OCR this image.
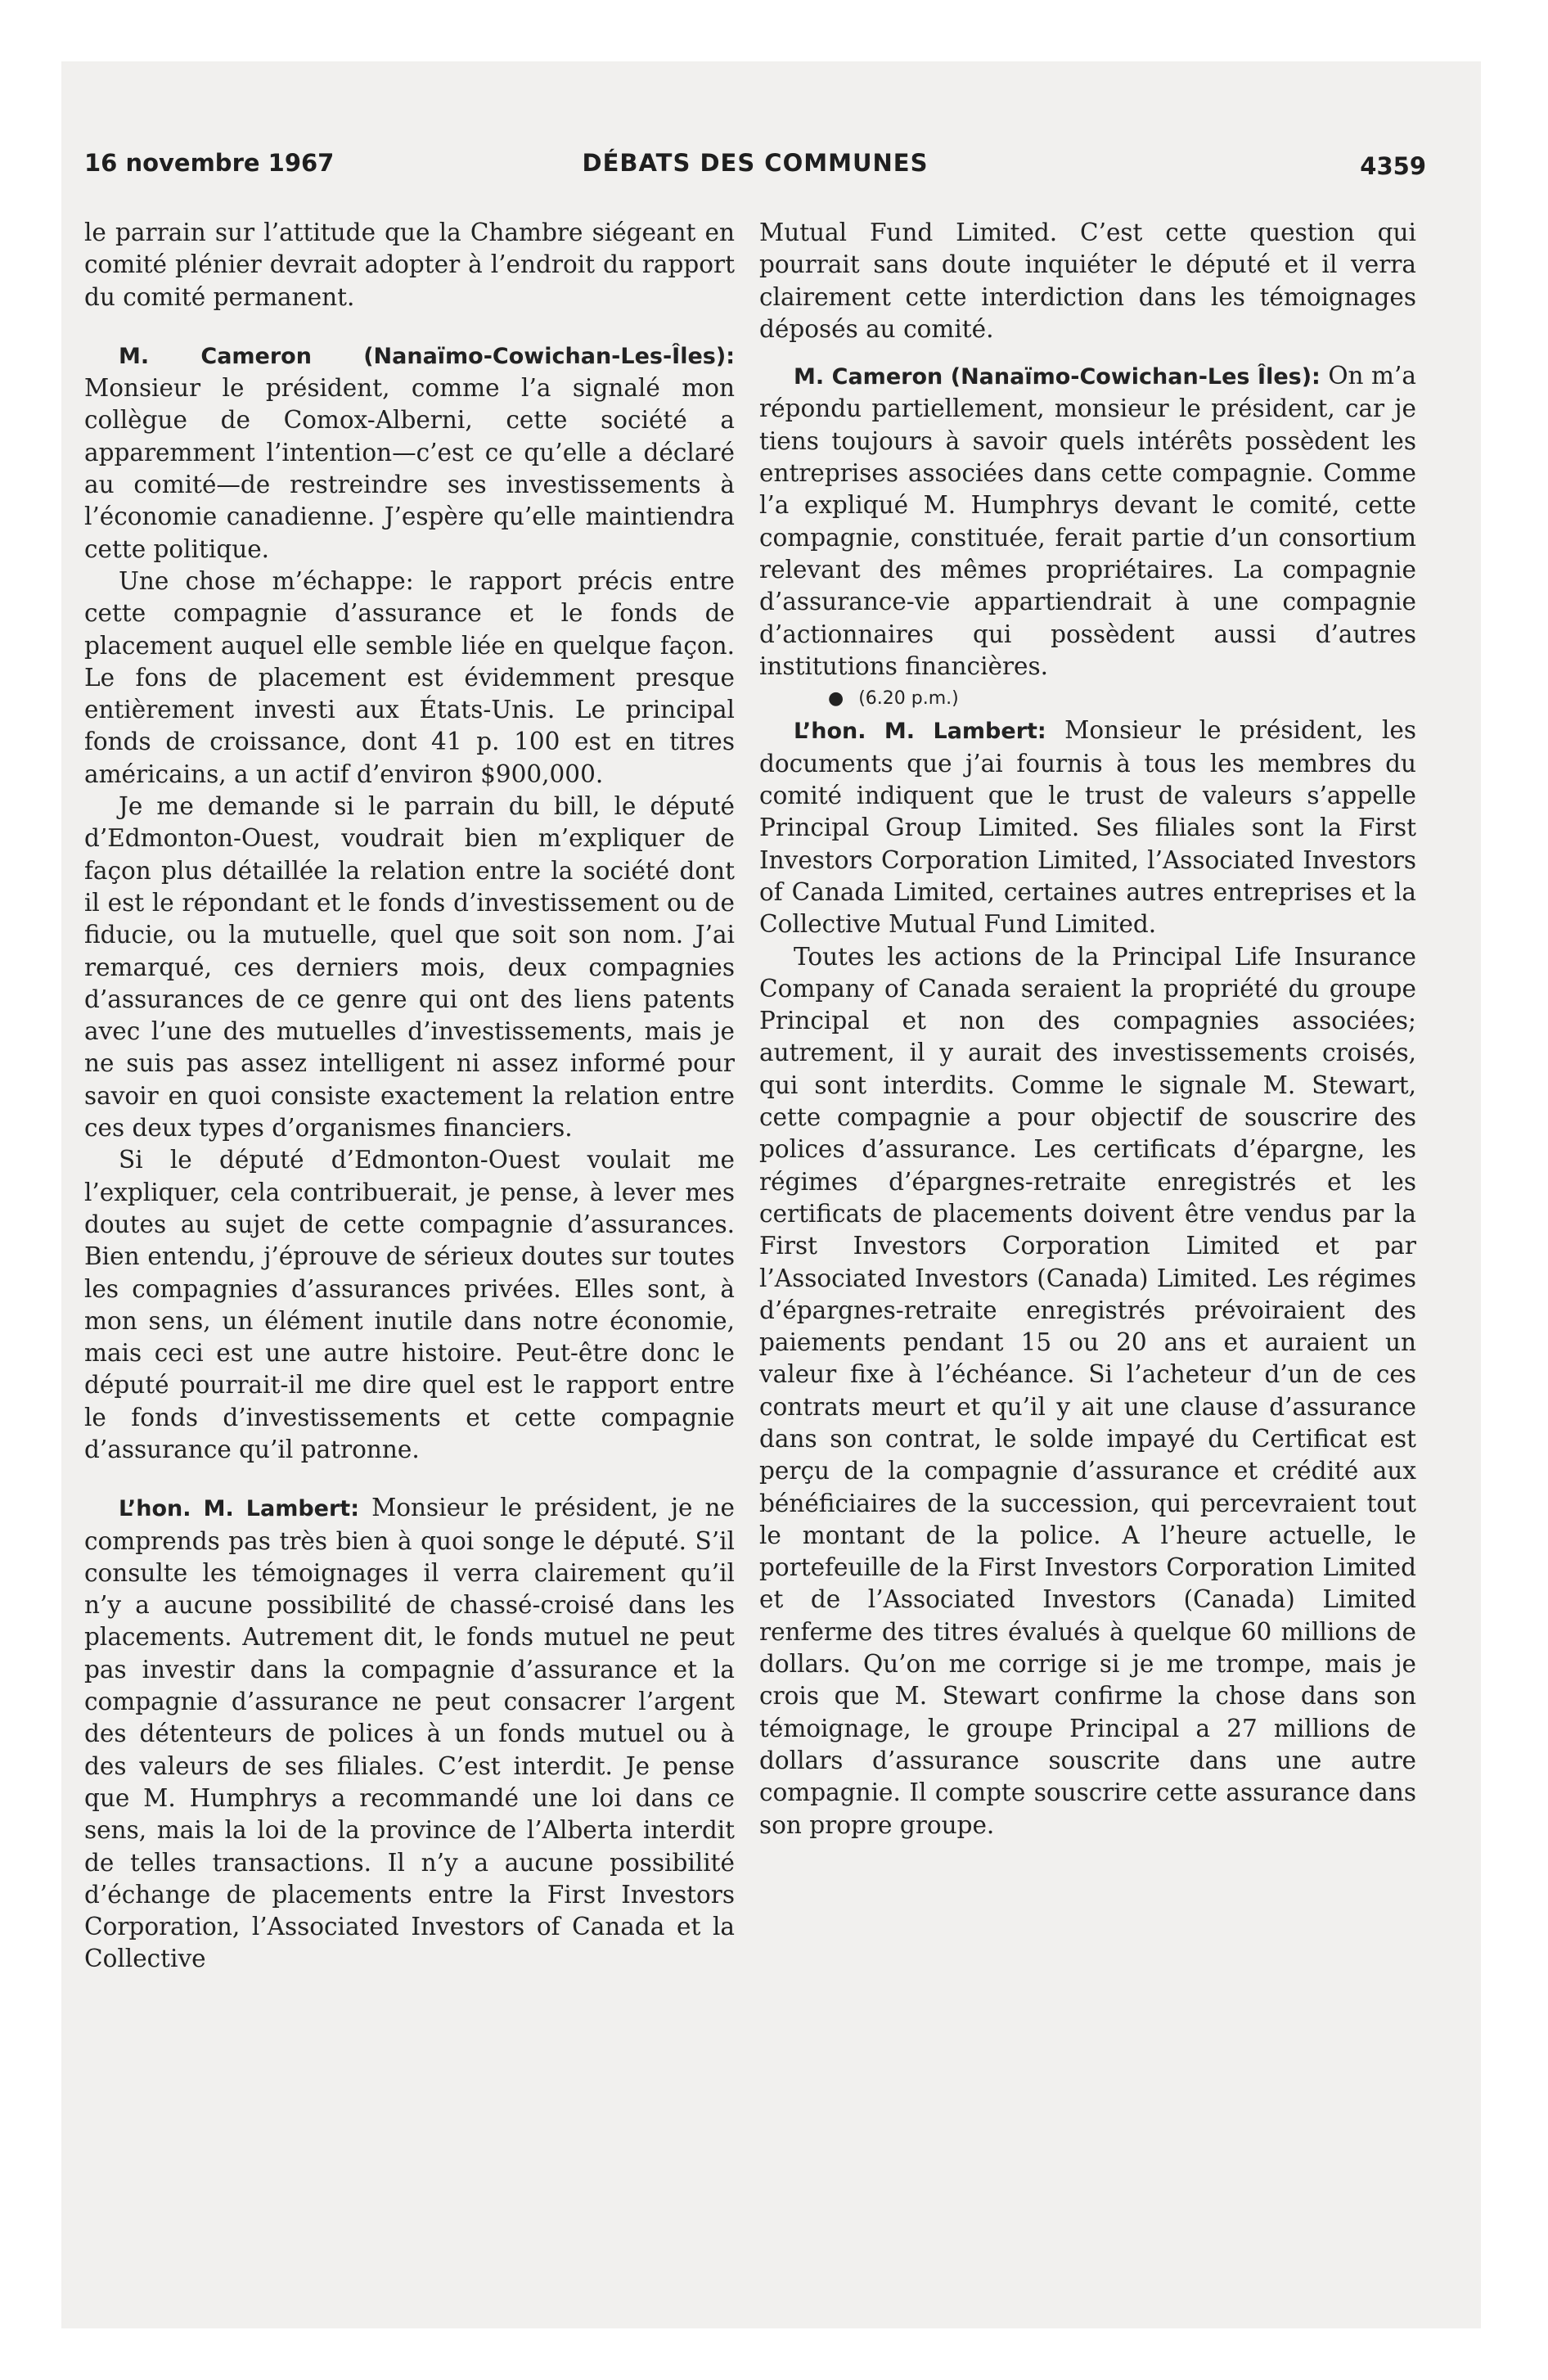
16 novembre 1967	DÉBATS DES COMMUNES	4359

le parrain sur l’attitude que la Chambre siégeant en comité plénier devrait adopter à l’endroit du rapport du comité permanent.

M. Cameron (Nanaïmo-Cowichan-Les-Îles): Monsieur le président, comme l’a signalé mon collègue de Comox-Alberni, cette société a apparemment l’intention—c’est ce qu’elle a déclaré au comité—de restreindre ses investissements à l’économie canadienne. J’espère qu’elle maintiendra cette politique.

Une chose m’échappe: le rapport précis entre cette compagnie d’assurance et le fonds de placement auquel elle semble liée en quelque façon. Le fons de placement est évidemment presque entièrement investi aux États-Unis. Le principal fonds de croissance, dont 41 p. 100 est en titres américains, a un actif d’environ $900,000.

Je me demande si le parrain du bill, le député d’Edmonton-Ouest, voudrait bien m’expliquer de façon plus détaillée la relation entre la société dont il est le répondant et le fonds d’investissement ou de fiducie, ou la mutuelle, quel que soit son nom. J’ai remarqué, ces derniers mois, deux compagnies d’assurances de ce genre qui ont des liens patents avec l’une des mutuelles d’investissements, mais je ne suis pas assez intelligent ni assez informé pour savoir en quoi consiste exactement la relation entre ces deux types d’organismes financiers.

Si le député d’Edmonton-Ouest voulait me l’expliquer, cela contribuerait, je pense, à lever mes doutes au sujet de cette compagnie d’assurances. Bien entendu, j’éprouve de sérieux doutes sur toutes les compagnies d’assurances privées. Elles sont, à mon sens, un élément inutile dans notre économie, mais ceci est une autre histoire. Peut-être donc le député pourrait-il me dire quel est le rapport entre le fonds d’investissements et cette compagnie d’assurance qu’il patronne.

L’hon. M. Lambert: Monsieur le président, je ne comprends pas très bien à quoi songe le député. S’il consulte les témoignages il verra clairement qu’il n’y a aucune possibilité de chassé-croisé dans les placements. Autrement dit, le fonds mutuel ne peut pas investir dans la compagnie d’assurance et la compagnie d’assurance ne peut consacrer l’argent des détenteurs de polices à un fonds mutuel ou à des valeurs de ses filiales. C’est interdit. Je pense que M. Humphrys a recommandé une loi dans ce sens, mais la loi de la province de l’Alberta interdit de telles transactions. Il n’y a aucune possibilité d’échange de placements entre la First Investors Corporation, l’Associated Investors of Canada et la Collective

Mutual Fund Limited. C’est cette question qui pourrait sans doute inquiéter le député et il verra clairement cette interdiction dans les témoignages déposés au comité.

M. Cameron (Nanaïmo-Cowichan-Les Îles): On m’a répondu partiellement, monsieur le président, car je tiens toujours à savoir quels intérêts possèdent les entreprises associées dans cette compagnie. Comme l’a expliqué M. Humphrys devant le comité, cette compagnie, constituée, ferait partie d’un consortium relevant des mêmes propriétaires. La compagnie d’assurance-vie appartiendrait à une compagnie d’actionnaires qui possèdent aussi d’autres institutions financières.

● (6.20 p.m.)

L’hon. M. Lambert: Monsieur le président, les documents que j’ai fournis à tous les membres du comité indiquent que le trust de valeurs s’appelle Principal Group Limited. Ses filiales sont la First Investors Corporation Limited, l’Associated Investors of Canada Limited, certaines autres entreprises et la Collective Mutual Fund Limited.

Toutes les actions de la Principal Life Insurance Company of Canada seraient la propriété du groupe Principal et non des compagnies associées; autrement, il y aurait des investissements croisés, qui sont interdits. Comme le signale M. Stewart, cette compagnie a pour objectif de souscrire des polices d’assurance. Les certificats d’épargne, les régimes d’épargnes-retraite enregistrés et les certificats de placements doivent être vendus par la First Investors Corporation Limited et par l’Associated Investors (Canada) Limited. Les régimes d’épargnes-retraite enregistrés prévoiraient des paiements pendant 15 ou 20 ans et auraient un valeur fixe à l’échéance. Si l’acheteur d’un de ces contrats meurt et qu’il y ait une clause d’assurance dans son contrat, le solde impayé du Certificat est perçu de la compagnie d’assurance et crédité aux bénéficiaires de la succession, qui percevraient tout le montant de la police. A l’heure actuelle, le portefeuille de la First Investors Corporation Limited et de l’Associated Investors (Canada) Limited renferme des titres évalués à quelque 60 millions de dollars. Qu’on me corrige si je me trompe, mais je crois que M. Stewart confirme la chose dans son témoignage, le groupe Principal a 27 millions de dollars d’assurance souscrite dans une autre compagnie. Il compte souscrire cette assurance dans son propre groupe.
